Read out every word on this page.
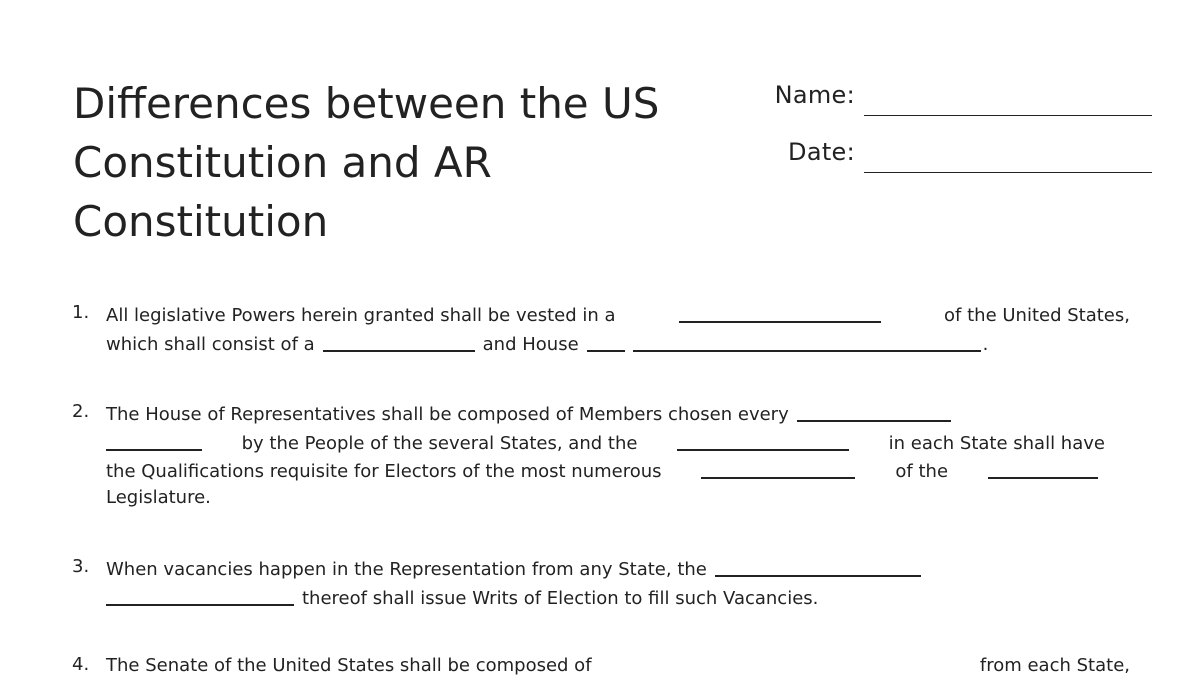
Differences between the US Constitution and AR Constitution
Name:
Date:
1. All legislative Powers herein granted shall be vested in a	of the United States,
which shall consist of a	and House	.
2. The House of Representatives shall be composed of Members chosen every
by the People of the several States, and the	in each State shall have
the Qualifications requisite for Electors of the most numerous	of the
Legislature.
3. When vacancies happen in the Representation from any State, the
thereof shall issue Writs of Election to fill such Vacancies.
4. The Senate of the United States shall be composed of	from each State,
